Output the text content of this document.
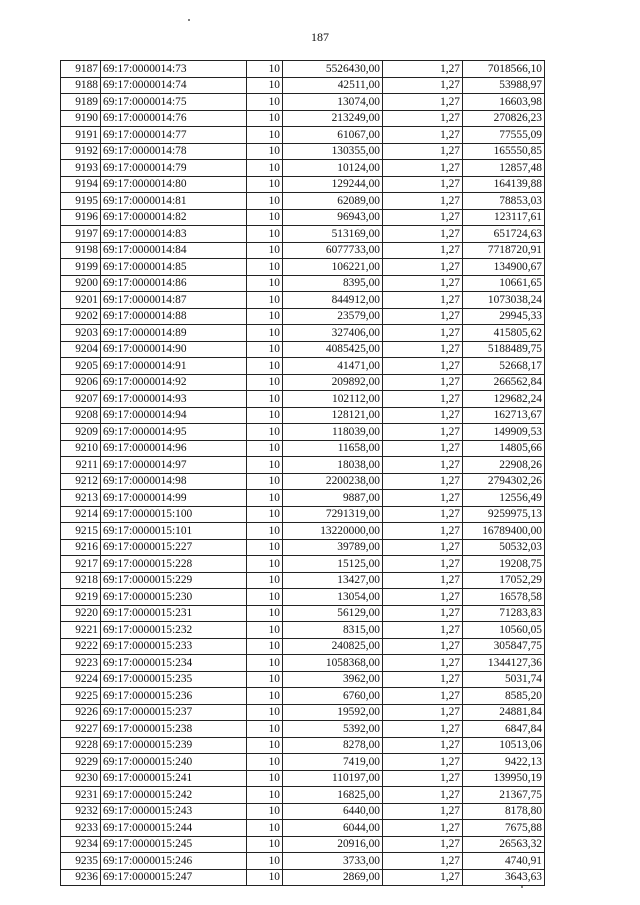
187
9187	69:17:0000014:73	10	5526430,00	1,27	7018566,10
9188	69:17:0000014:74	10	42511,00	1,27	53988,97
9189	69:17:0000014:75	10	13074,00	1,27	16603,98
9190	69:17:0000014:76	10	213249,00	1,27	270826,23
9191	69:17:0000014:77	10	61067,00	1,27	77555,09
9192	69:17:0000014:78	10	130355,00	1,27	165550,85
9193	69:17:0000014:79	10	10124,00	1,27	12857,48
9194	69:17:0000014:80	10	129244,00	1,27	164139,88
9195	69:17:0000014:81	10	62089,00	1,27	78853,03
9196	69:17:0000014:82	10	96943,00	1,27	123117,61
9197	69:17:0000014:83	10	513169,00	1,27	651724,63
9198	69:17:0000014:84	10	6077733,00	1,27	7718720,91
9199	69:17:0000014:85	10	106221,00	1,27	134900,67
9200	69:17:0000014:86	10	8395,00	1,27	10661,65
9201	69:17:0000014:87	10	844912,00	1,27	1073038,24
9202	69:17:0000014:88	10	23579,00	1,27	29945,33
9203	69:17:0000014:89	10	327406,00	1,27	415805,62
9204	69:17:0000014:90	10	4085425,00	1,27	5188489,75
9205	69:17:0000014:91	10	41471,00	1,27	52668,17
9206	69:17:0000014:92	10	209892,00	1,27	266562,84
9207	69:17:0000014:93	10	102112,00	1,27	129682,24
9208	69:17:0000014:94	10	128121,00	1,27	162713,67
9209	69:17:0000014:95	10	118039,00	1,27	149909,53
9210	69:17:0000014:96	10	11658,00	1,27	14805,66
9211	69:17:0000014:97	10	18038,00	1,27	22908,26
9212	69:17:0000014:98	10	2200238,00	1,27	2794302,26
9213	69:17:0000014:99	10	9887,00	1,27	12556,49
9214	69:17:0000015:100	10	7291319,00	1,27	9259975,13
9215	69:17:0000015:101	10	13220000,00	1,27	16789400,00
9216	69:17:0000015:227	10	39789,00	1,27	50532,03
9217	69:17:0000015:228	10	15125,00	1,27	19208,75
9218	69:17:0000015:229	10	13427,00	1,27	17052,29
9219	69:17:0000015:230	10	13054,00	1,27	16578,58
9220	69:17:0000015:231	10	56129,00	1,27	71283,83
9221	69:17:0000015:232	10	8315,00	1,27	10560,05
9222	69:17:0000015:233	10	240825,00	1,27	305847,75
9223	69:17:0000015:234	10	1058368,00	1,27	1344127,36
9224	69:17:0000015:235	10	3962,00	1,27	5031,74
9225	69:17:0000015:236	10	6760,00	1,27	8585,20
9226	69:17:0000015:237	10	19592,00	1,27	24881,84
9227	69:17:0000015:238	10	5392,00	1,27	6847,84
9228	69:17:0000015:239	10	8278,00	1,27	10513,06
9229	69:17:0000015:240	10	7419,00	1,27	9422,13
9230	69:17:0000015:241	10	110197,00	1,27	139950,19
9231	69:17:0000015:242	10	16825,00	1,27	21367,75
9232	69:17:0000015:243	10	6440,00	1,27	8178,80
9233	69:17:0000015:244	10	6044,00	1,27	7675,88
9234	69:17:0000015:245	10	20916,00	1,27	26563,32
9235	69:17:0000015:246	10	3733,00	1,27	4740,91
9236	69:17:0000015:247	10	2869,00	1,27	3643,63
